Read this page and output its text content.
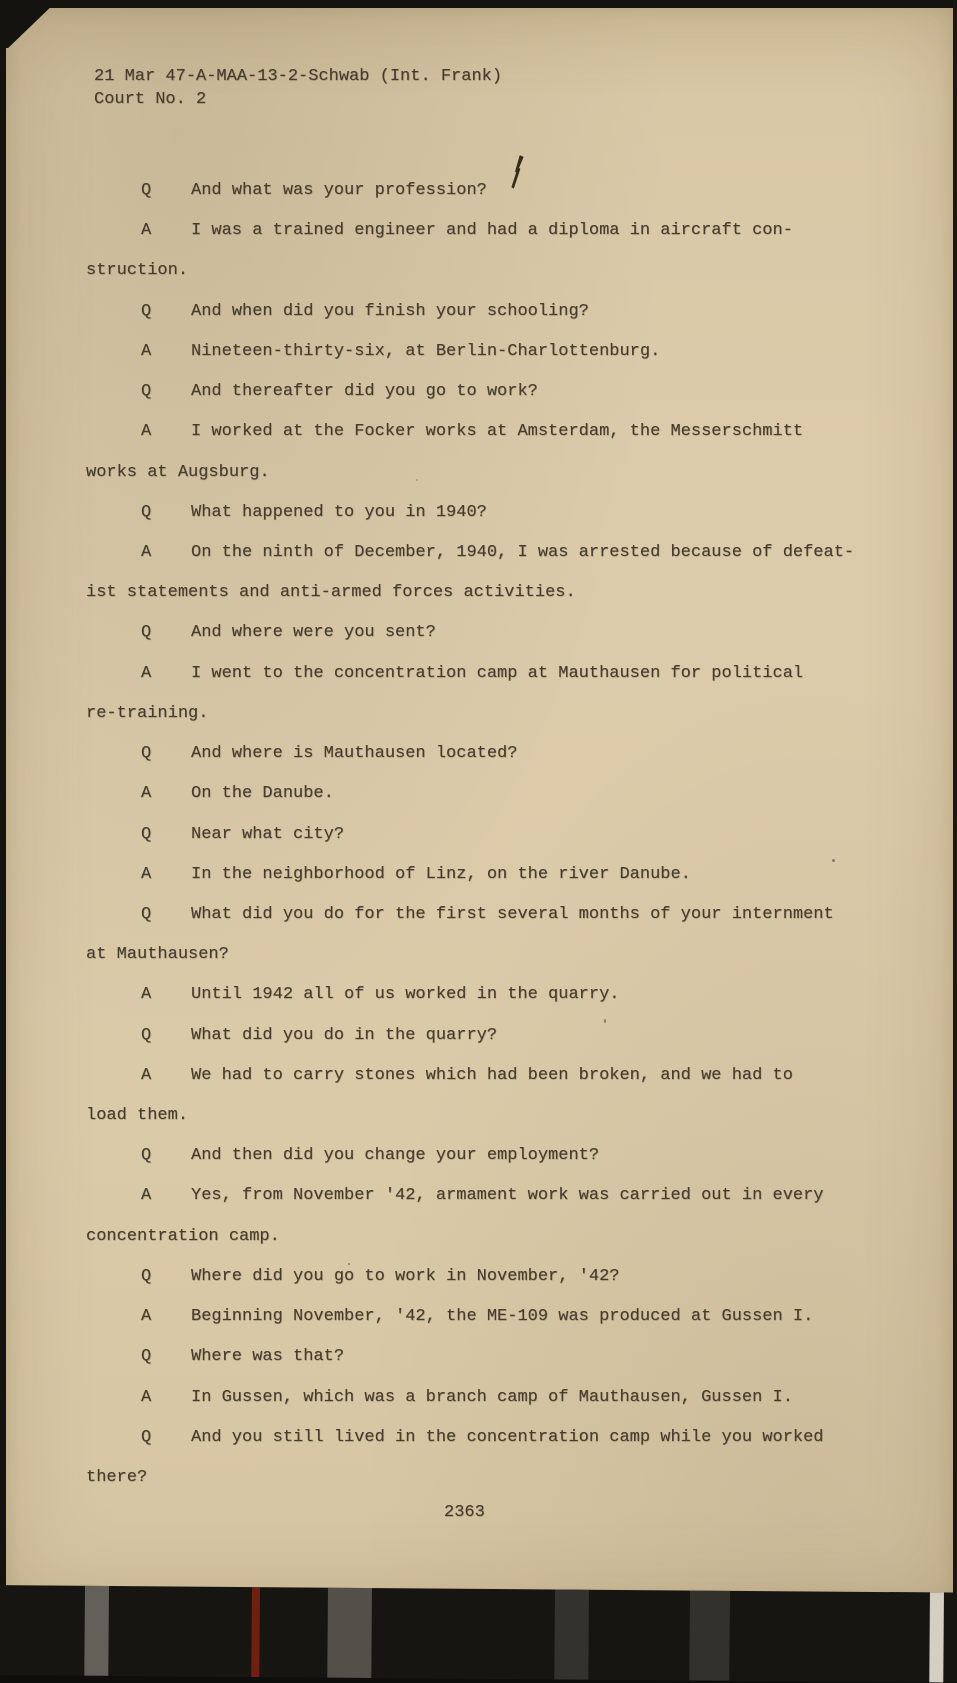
21 Mar 47-A-MAA-13-2-Schwab (Int. Frank)
Court No. 2
Q And what was your profession?
A I was a trained engineer and had a diploma in aircraft con-
struction.
Q And when did you finish your schooling?
A Nineteen-thirty-six, at Berlin-Charlottenburg.
Q And thereafter did you go to work?
A I worked at the Focker works at Amsterdam, the Messerschmitt
works at Augsburg.
Q What happened to you in 1940?
A On the ninth of December, 1940, I was arrested because of defeat-
ist statements and anti-armed forces activities.
Q And where were you sent?
A I went to the concentration camp at Mauthausen for political
re-training.
Q And where is Mauthausen located?
A On the Danube.
Q Near what city?
A In the neighborhood of Linz, on the river Danube.
Q What did you do for the first several months of your internment
at Mauthausen?
A Until 1942 all of us worked in the quarry.
Q What did you do in the quarry?
A We had to carry stones which had been broken, and we had to
load them.
Q And then did you change your employment?
A Yes, from November '42, armament work was carried out in every
concentration camp.
Q Where did you go to work in November, '42?
A Beginning November, '42, the ME-109 was produced at Gussen I.
Q Where was that?
A In Gussen, which was a branch camp of Mauthausen, Gussen I.
Q And you still lived in the concentration camp while you worked
there?
2363
